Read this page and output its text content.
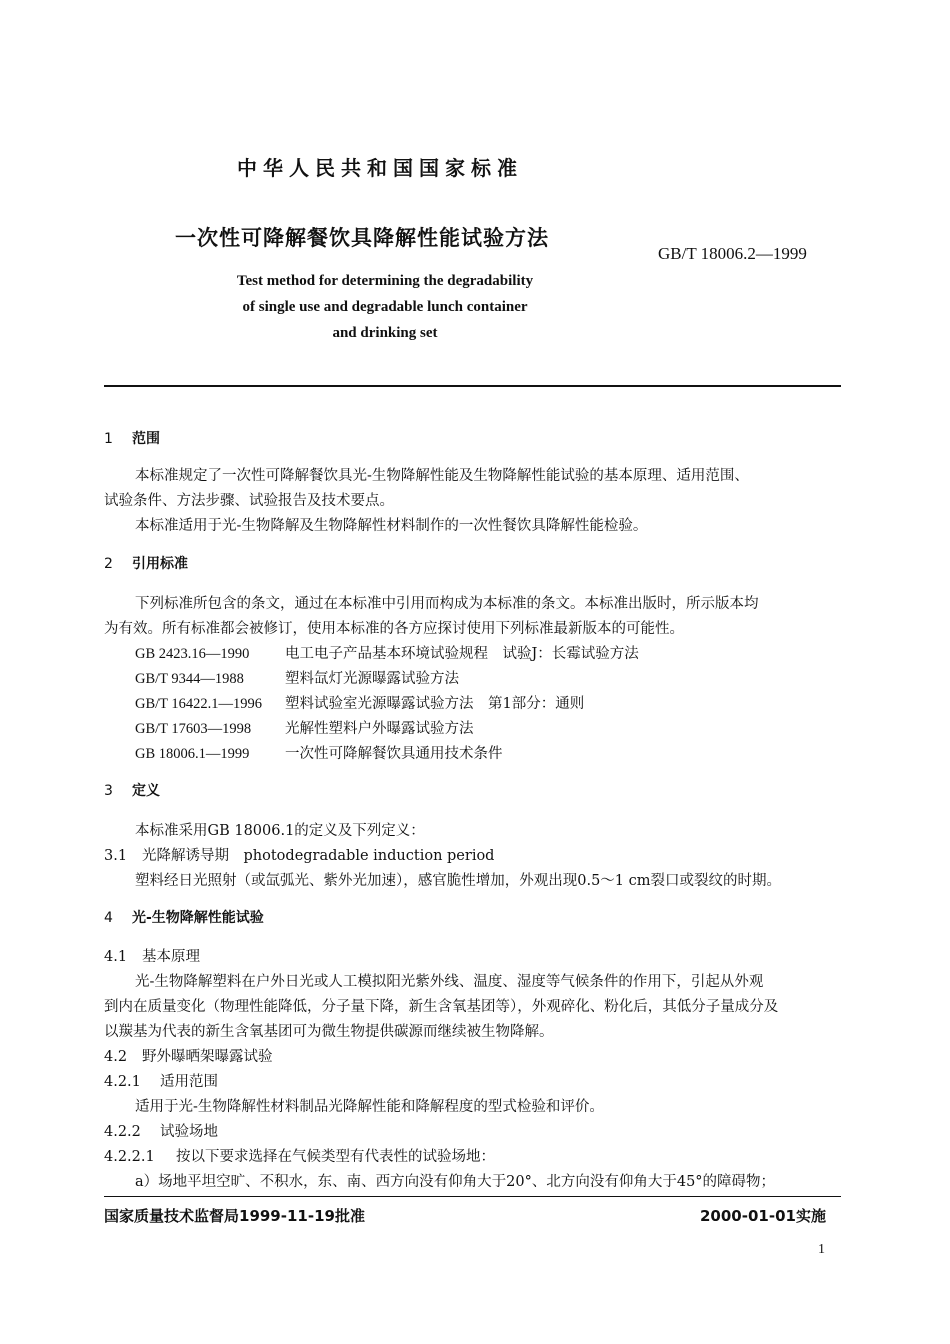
中华人民共和国国家标准
一次性可降解餐饮具降解性能试验方法
GB/T 18006.2—1999
Test method for determining the degradability
of single use and degradable lunch container
and drinking set
1 范围
本标准规定了一次性可降解餐饮具光-生物降解性能及生物降解性能试验的基本原理、适用范围、
试验条件、方法步骤、试验报告及技术要点。
本标准适用于光-生物降解及生物降解性材料制作的一次性餐饮具降解性能检验。
2 引用标准
下列标准所包含的条文，通过在本标准中引用而构成为本标准的条文。本标准出版时，所示版本均
为有效。所有标准都会被修订，使用本标准的各方应探讨使用下列标准最新版本的可能性。
GB 2423.16—1990 电工电子产品基本环境试验规程　试验J：长霉试验方法
GB/T 9344—1988	塑料氙灯光源曝露试验方法
GB/T 16422.1—1996 塑料试验室光源曝露试验方法　第1部分：通则
GB/T 17603—1998 光解性塑料户外曝露试验方法
GB 18006.1—1999 一次性可降解餐饮具通用技术条件
3 定义
本标准采用GB 18006.1的定义及下列定义：
3.1 光降解诱导期　photodegradable induction period
塑料经日光照射（或氙弧光、紫外光加速），感官脆性增加，外观出现0.5～1 cm裂口或裂纹的时期。
4 光-生物降解性能试验
4.1 基本原理
光-生物降解塑料在户外日光或人工模拟阳光紫外线、温度、湿度等气候条件的作用下，引起从外观
到内在质量变化（物理性能降低，分子量下降，新生含氧基团等），外观碎化、粉化后，其低分子量成分及
以羰基为代表的新生含氧基团可为微生物提供碳源而继续被生物降解。
4.2 野外曝晒架曝露试验
4.2.1 适用范围
适用于光-生物降解性材料制品光降解性能和降解程度的型式检验和评价。
4.2.2 试验场地
4.2.2.1 按以下要求选择在气候类型有代表性的试验场地：
a）场地平坦空旷、不积水，东、南、西方向没有仰角大于20°、北方向没有仰角大于45°的障碍物；
国家质量技术监督局1999-11-19批准	2000-01-01实施
1
